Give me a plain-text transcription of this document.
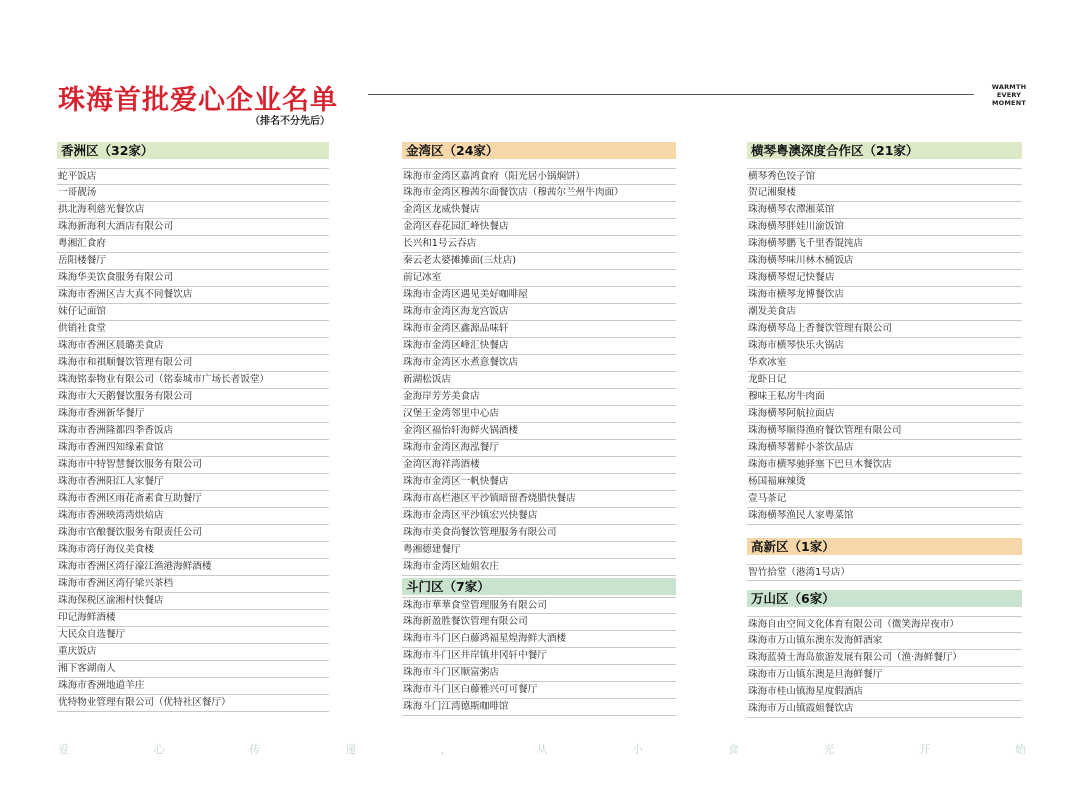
珠海首批爱心企业名单
（排名不分先后）
WARMTH
EVERY
MOMENT
香洲区（32家）
蛇平饭店
一哥靓汤
拱北海利慈光餐饮店
珠海新海利大酒店有限公司
粤湘汇食府
岳阳楼餐厅
珠海华美饮食服务有限公司
珠海市香洲区吉大真不同餐饮店
妹仔记面馆
供销社食堂
珠海市香洲区晨璐美食店
珠海市和祺顺餐饮管理有限公司
珠海铭泰物业有限公司（铭泰城市广场长者饭堂）
珠海市大天鹅餐饮服务有限公司
珠海市香洲新华餐厅
珠海市香洲隆都四季香饭店
珠海市香洲四知缘素食馆
珠海市中特智慧餐饮服务有限公司
珠海市香洲阳江人家餐厅
珠海市香洲区雨花斋素食互助餐厅
珠海市香洲映湾湾烘焙店
珠海市官酿餐饮服务有限责任公司
珠海市湾仔海仪美食楼
珠海市香洲区湾仔濠江渔港海鲜酒楼
珠海市香洲区湾仔梁兴茶档
珠海保税区渝湘村快餐店
印记海鲜酒楼
大民众自选餐厅
重庆饭店
湘下客湖南人
珠海市香洲地道羊庄
优特物业管理有限公司（优特社区餐厅）
金湾区（24家）
珠海市金湾区嘉鸿食府（阳光居小锅焖饼）
珠海市金湾区穆茜尔面餐饮店（穆茜尔兰州牛肉面）
金湾区龙威快餐店
金湾区春花园汇峰快餐店
长兴和1号云吞店
秦云老太婆摊摊面(三灶店)
前记冰室
珠海市金湾区遇见美好咖啡屋
珠海市金湾区海龙宫饭店
珠海市金湾区鑫源品味轩
珠海市金湾区峰汇快餐店
珠海市金湾区水煮意餐饮店
新湖松饭店
金海岸芳芳美食店
汉堡王金湾邻里中心店
金湾区福怡轩海鲜火锅酒楼
珠海市金湾区海泓餐厅
金湾区海祥湾酒楼
珠海市金湾区一帆快餐店
珠海市高栏港区平沙镇暗留香烧腊快餐店
珠海市金湾区平沙镇宏兴快餐店
珠海市美食尚餐饮管理服务有限公司
粤湘德建餐厅
珠海市金湾区灿姐农庄
斗门区（7家）
珠海市華華食堂管理服务有限公司
珠海新盈胜餐饮管理有限公司
珠海市斗门区白藤鸿福星煌海鲜大酒楼
珠海市斗门区井岸镇井冈轩中餐厅
珠海市斗门区顺富粥店
珠海市斗门区白藤雅兴可可餐厅
珠海斗门江湾德斯咖啡馆
横琴粤澳深度合作区（21家）
横琴秀色饺子馆
贺记湘聚楼
珠海横琴农潭湘菜馆
珠海横琴胖娃川渝饭馆
珠海横琴鹏飞千里香馄饨店
珠海横琴味川林木桶饭店
珠海横琴煜记快餐店
珠海市横琴龙博餐饮店
潮发美食店
珠海横琴岛上香餐饮管理有限公司
珠海市横琴快乐火锅店
华欢冰室
龙虾日记
穆味王私房牛肉面
珠海横琴阿航拉面店
珠海横琴顺得渔府餐饮管理有限公司
珠海横琴薯鲜小茶饮品店
珠海市横琴驰驿塞下巴旦木餐饮店
杨国福麻辣烫
壹马茶记
珠海横琴渔民人家粤菜馆
高新区（1家）
智竹拾堂（港湾1号店）
万山区（6家）
珠海自由空间文化体育有限公司（微笑海岸夜市）
珠海市万山镇东澳东发海鲜酒家
珠海蓝骑士海岛旅游发展有限公司（渔·海鲜餐厅）
珠海市万山镇东澳是旦海鲜餐厅
珠海市桂山镇海星度假酒店
珠海市万山镇霞姐餐饮店
爱	心	传	递	，	从	小	食	光	开	始
